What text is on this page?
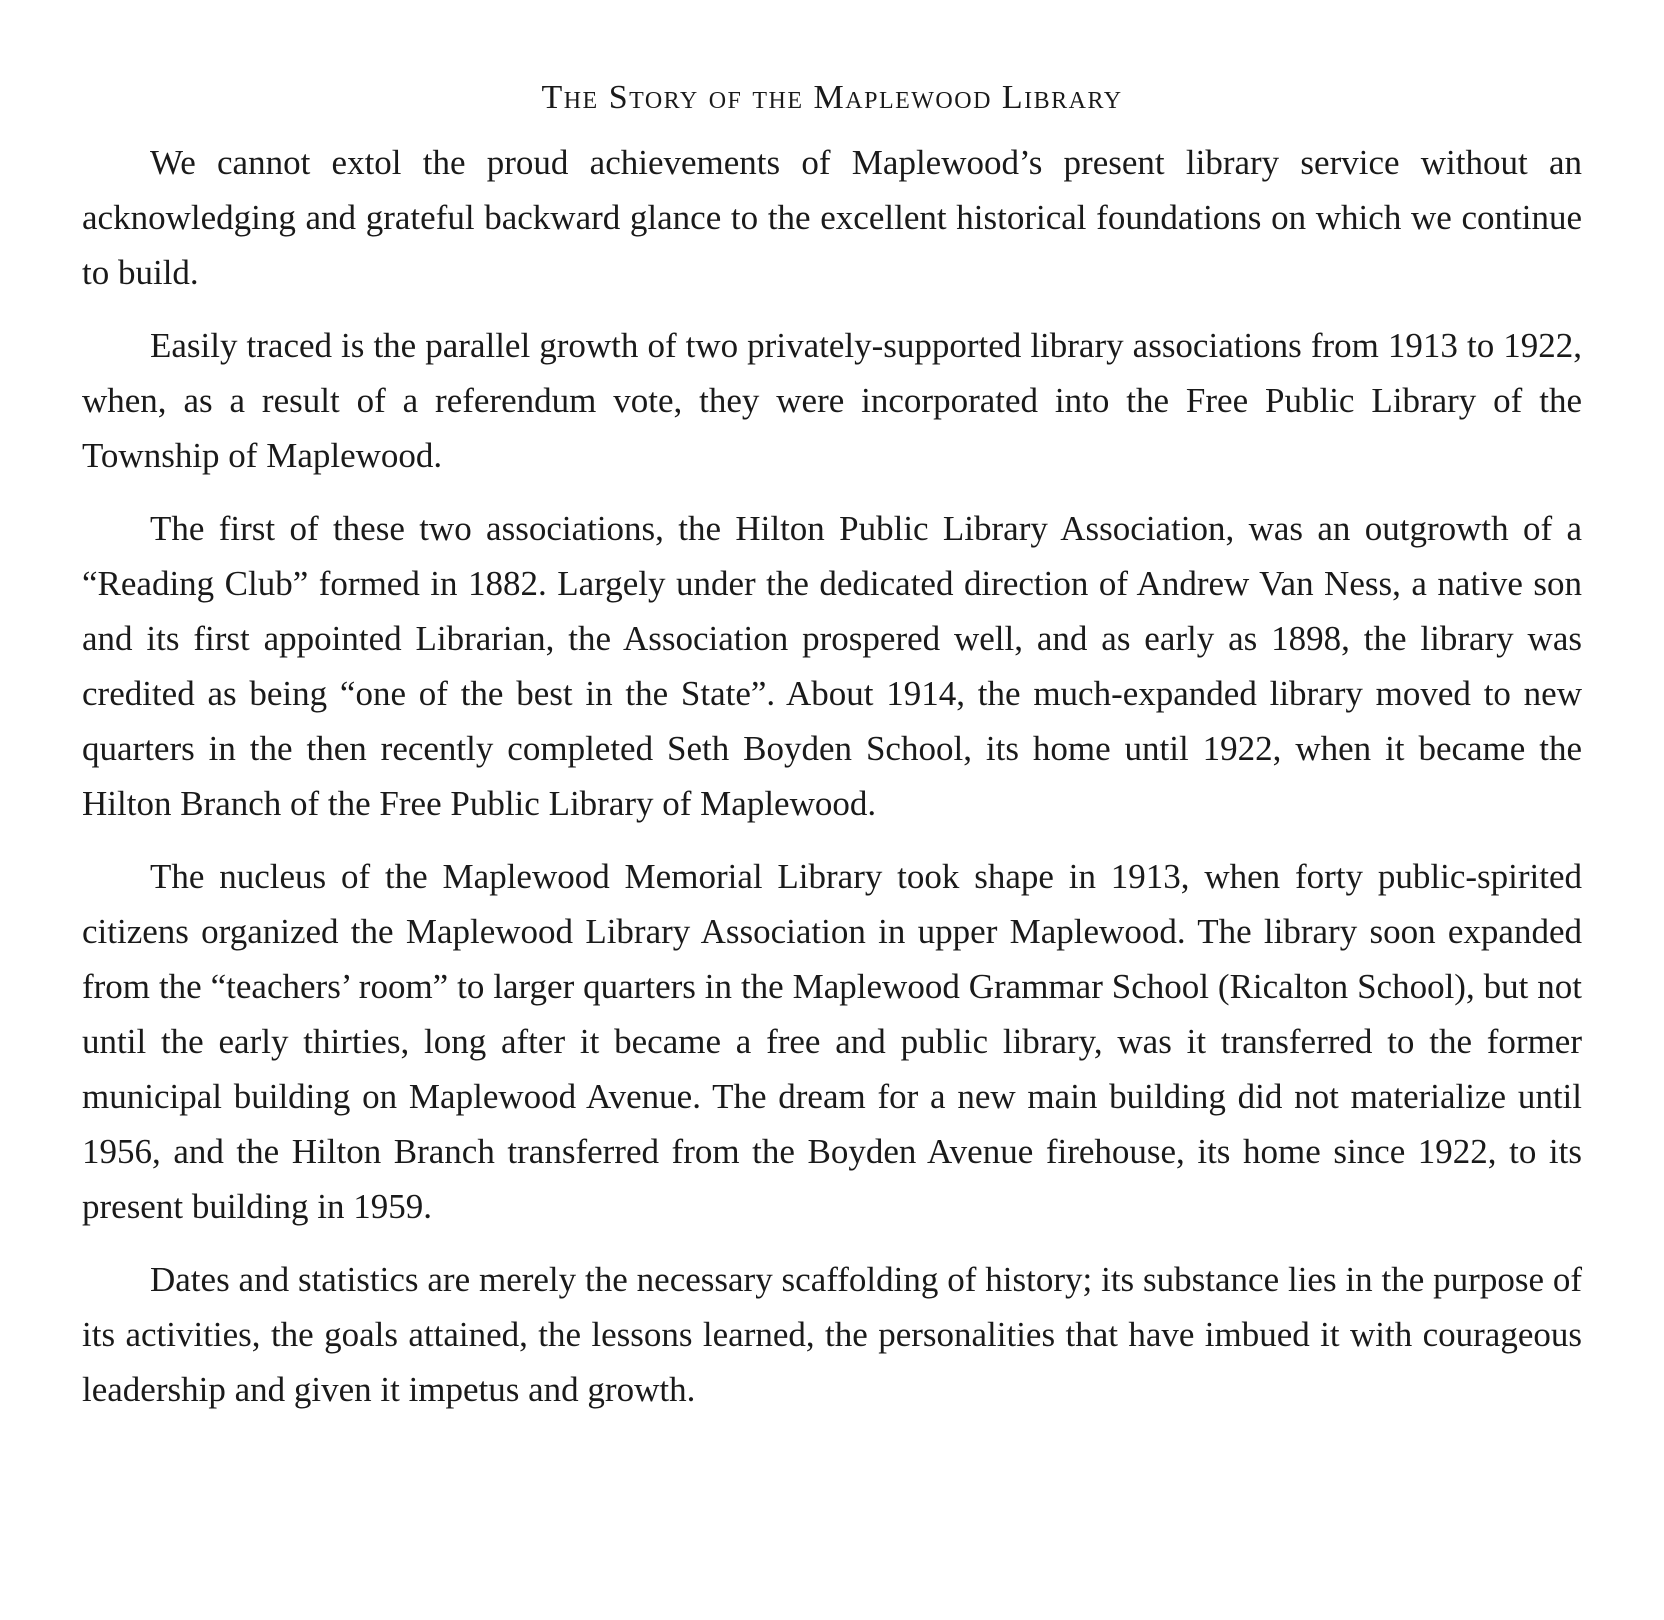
The Story of the Maplewood Library

We cannot extol the proud achievements of Maplewood’s present library service without an acknowledging and grateful backward glance to the excellent historical foundations on which we continue to build.

Easily traced is the parallel growth of two privately-supported library associations from 1913 to 1922, when, as a result of a referendum vote, they were incorporated into the Free Public Library of the Township of Maplewood.

The first of these two associations, the Hilton Public Library Association, was an outgrowth of a “Reading Club” formed in 1882. Largely under the dedicated direction of Andrew Van Ness, a native son and its first appointed Librarian, the Association prospered well, and as early as 1898, the library was credited as being “one of the best in the State”. About 1914, the much-expanded library moved to new quarters in the then recently completed Seth Boyden School, its home until 1922, when it became the Hilton Branch of the Free Public Library of Maplewood.

The nucleus of the Maplewood Memorial Library took shape in 1913, when forty public-spirited citizens organized the Maplewood Library Association in upper Maplewood. The library soon expanded from the “teachers’ room” to larger quarters in the Maplewood Grammar School (Ricalton School), but not until the early thirties, long after it became a free and public library, was it transferred to the former municipal building on Maplewood Avenue. The dream for a new main building did not materialize until 1956, and the Hilton Branch transferred from the Boyden Avenue firehouse, its home since 1922, to its present building in 1959.

Dates and statistics are merely the necessary scaffolding of history; its substance lies in the purpose of its activities, the goals attained, the lessons learned, the personalities that have imbued it with courageous leadership and given it impetus and growth.
